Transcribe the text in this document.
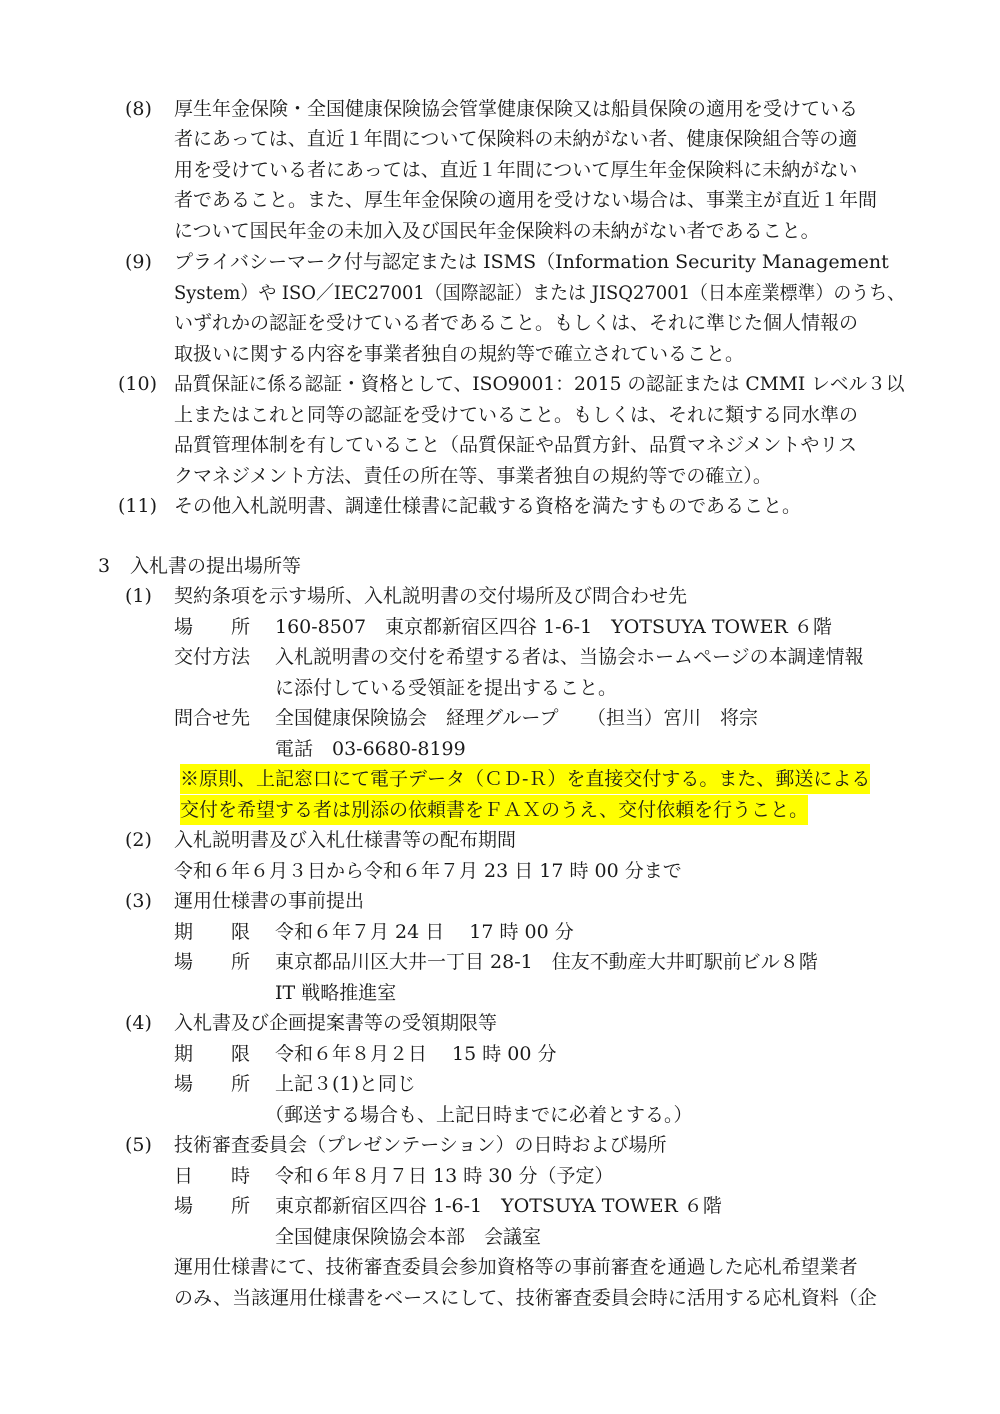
(8) 厚生年金保険・全国健康保険協会管掌健康保険又は船員保険の適用を受けている
者にあっては、直近１年間について保険料の未納がない者、健康保険組合等の適
用を受けている者にあっては、直近１年間について厚生年金保険料に未納がない
者であること。また、厚生年金保険の適用を受けない場合は、事業主が直近１年間
について国民年金の未加入及び国民年金保険料の未納がない者であること。
(9) プライバシーマーク付与認定または ISMS（Information Security Management
System）や ISO／IEC27001（国際認証）または JISQ27001（日本産業標準）のうち、
いずれかの認証を受けている者であること。もしくは、それに準じた個人情報の
取扱いに関する内容を事業者独自の規約等で確立されていること。
(10) 品質保証に係る認証・資格として、ISO9001：2015 の認証または CMMI レベル３以
上またはこれと同等の認証を受けていること。もしくは、それに類する同水準の
品質管理体制を有していること（品質保証や品質方針、品質マネジメントやリス
クマネジメント方法、責任の所在等、事業者独自の規約等での確立）。
(11) その他入札説明書、調達仕様書に記載する資格を満たすものであること。
3 入札書の提出場所等
(1) 契約条項を示す場所、入札説明書の交付場所及び問合わせ先
場　　所 160-8507　東京都新宿区四谷 1-6-1　YOTSUYA TOWER ６階
交付方法 入札説明書の交付を希望する者は、当協会ホームページの本調達情報
に添付している受領証を提出すること。
問合せ先 全国健康保険協会　経理グループ　　（担当）宮川　将宗
電話　03-6680-8199
※原則、上記窓口にて電子データ（ＣＤ-Ｒ）を直接交付する。また、郵送による
交付を希望する者は別添の依頼書をＦＡＸのうえ、交付依頼を行うこと。
(2) 入札説明書及び入札仕様書等の配布期間
令和６年６月３日から令和６年７月 23 日 17 時 00 分まで
(3) 運用仕様書の事前提出
期　　限 令和６年７月 24 日　 17 時 00 分
場　　所 東京都品川区大井一丁目 28-1　住友不動産大井町駅前ビル８階
IT 戦略推進室
(4) 入札書及び企画提案書等の受領期限等
期　　限 令和６年８月２日　 15 時 00 分
場　　所 上記３(1)と同じ
（郵送する場合も、上記日時までに必着とする。）
(5) 技術審査委員会（プレゼンテーション）の日時および場所
日　　時 令和６年８月７日 13 時 30 分（予定）
場　　所 東京都新宿区四谷 1-6-1　YOTSUYA TOWER ６階
全国健康保険協会本部　会議室
運用仕様書にて、技術審査委員会参加資格等の事前審査を通過した応札希望業者
のみ、当該運用仕様書をベースにして、技術審査委員会時に活用する応札資料（企
